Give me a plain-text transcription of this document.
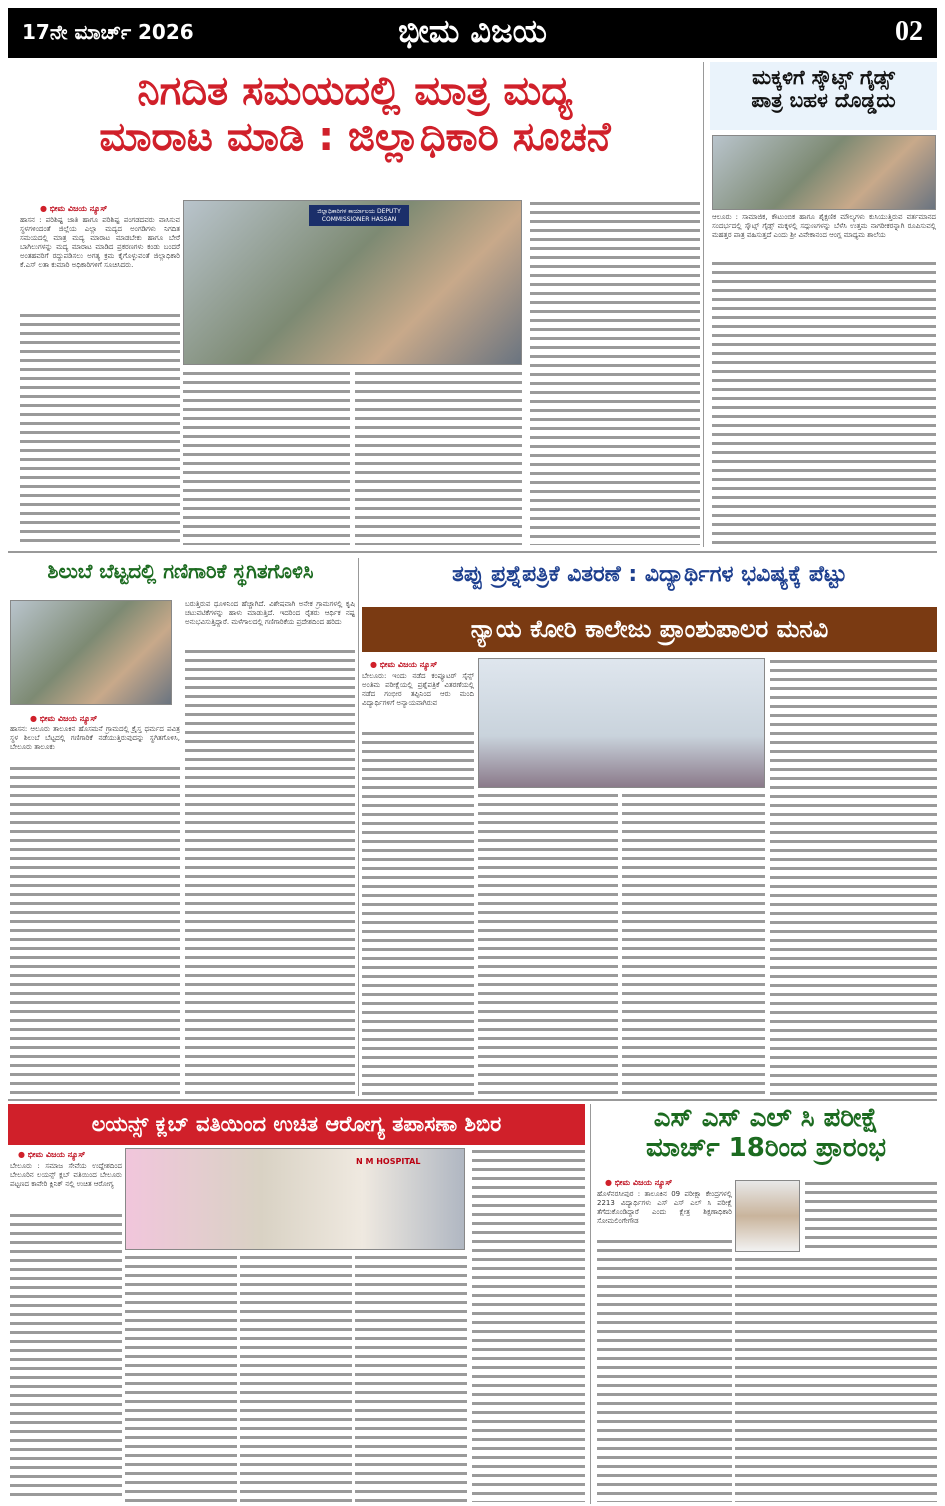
17ನೇ ಮಾರ್ಚ್ 2026	ಭೀಮ ವಿಜಯ	02
ನಿಗದಿತ ಸಮಯದಲ್ಲಿ ಮಾತ್ರ ಮದ್ಯ
ಮಾರಾಟ ಮಾಡಿ : ಜಿಲ್ಲಾಧಿಕಾರಿ ಸೂಚನೆ
● ಭೀಮ ವಿಜಯ ನ್ಯೂಸ್
ಹಾಸನ : ಪರಿಶಿಷ್ಟ ಜಾತಿ ಹಾಗೂ ಪರಿಶಿಷ್ಟ ಪಂಗಡದವರು ವಾಸಿಸುವ ಸ್ಥಳಗಳಿಂದಂತೆ ಜಿಲ್ಲೆಯ ಎಲ್ಲಾ ಮದ್ಯದ ಅಂಗಡಿಗಳು ನಿಗದಿತ ಸಮಯದಲ್ಲಿ ಮಾತ್ರ ಮದ್ಯ ಮಾರಾಟ ಮಾಡಬೇಕು ಹಾಗೂ ಬೇರೆ ಬಾಗಿಲುಗಳನ್ನು ಮದ್ಯ ಮಾರಾಟ ಮಾಡಿದ ಪ್ರಕರಣಗಳು ಕಂಡು ಬಂದರೆ ಅಂತಹವರಿಗೆ ರದ್ದುಪಡಿಸಲು ಅಗತ್ಯ ಕ್ರಮ ಕೈಗೊಳ್ಳುವಂತೆ ಜಿಲ್ಲಾಧಿಕಾರಿ ಕೆ.ಎಸ್ ಲತಾ ಕುಮಾರಿ ಅಧಿಕಾರಿಗಳಿಗೆ ಸೂಚಿಸಿದರು.
ಜಿಲ್ಲಾಧಿಕಾರಿಗಳ ಕಾರ್ಯಾಲಯ DEPUTY COMMISSIONER HASSAN
ಮಕ್ಕಳಿಗೆ ಸ್ಕೌಟ್ಸ್ ಗೈಡ್ಸ್
ಪಾತ್ರ ಬಹಳ ದೊಡ್ಡದು
ಆಲೂರು : ಸಾಮಾಜಿಕ, ಕೌಟುಂಬಿಕ ಹಾಗೂ ಶೈಕ್ಷಣಿಕ ಮೌಲ್ಯಗಳು ಕುಸಿಯುತ್ತಿರುವ ವರ್ತಮಾನದ ಸಂದರ್ಭದಲ್ಲಿ ಸ್ಕೌಟ್ಸ್ ಗೈಡ್ಸ್ ಮಕ್ಕಳಲ್ಲಿ ಸದ್ಗುಣಗಳನ್ನು ಬೆಳೆಸಿ ಉತ್ತಮ ನಾಗರೀಕರನ್ನಾಗಿ ರೂಪಿಸುವಲ್ಲಿ ಮಹತ್ತರ ಪಾತ್ರ ವಹಿಸುತ್ತದೆ ಎಂದು ಶ್ರೀ ವಿವೇಕಾನಂದ ಆಂಗ್ಲ ಮಾಧ್ಯಮ ಶಾಲೆಯ
ಶಿಲುಬೆ ಬೆಟ್ಟದಲ್ಲಿ ಗಣಿಗಾರಿಕೆ ಸ್ಥಗಿತಗೊಳಿಸಿ
● ಭೀಮ ವಿಜಯ ನ್ಯೂಸ್
ಹಾಸನ: ಆಲೂರು ತಾಲೂಕಿನ ಹೊಸಮನೆ ಗ್ರಾಮದಲ್ಲಿ ಕ್ರೈಸ್ತ ಧರ್ಮದ ಪವಿತ್ರ ಸ್ಥಳ ಶಿಲುಬೆ ಬೆಟ್ಟದಲ್ಲಿ ಗಣಿಗಾರಿಕೆ ನಡೆಯುತ್ತಿರುವುದನ್ನು ಸ್ಥಗಿತಗೊಳಿಸಿ, ಬೇಲೂರು ತಾಲೂಕು
ಬರುತ್ತಿರುವ ಧೂಳಿನಿಂದ ಹೆಚ್ಚಾಗಿದೆ. ವಿಶೇಷವಾಗಿ ಅನೇಕ ಗ್ರಾಮಗಳಲ್ಲಿ ಕೃಷಿ ಚಟುವಟಿಕೆಗಳನ್ನು ಹಾಳು ಮಾಡುತ್ತಿದೆ. ಇದರಿಂದ ರೈತರು ಆರ್ಥಿಕ ನಷ್ಟ ಅನುಭವಿಸುತ್ತಿದ್ದಾರೆ. ಮಳೆಗಾಲದಲ್ಲಿ ಗಣಿಗಾರಿಕೆಯ ಪ್ರದೇಶದಿಂದ ಹರಿದು
ತಪ್ಪು ಪ್ರಶ್ನೆಪತ್ರಿಕೆ ವಿತರಣೆ : ವಿದ್ಯಾರ್ಥಿಗಳ ಭವಿಷ್ಯಕ್ಕೆ ಪೆಟ್ಟು
ನ್ಯಾಯ ಕೋರಿ ಕಾಲೇಜು ಪ್ರಾಂಶುಪಾಲರ ಮನವಿ
● ಭೀಮ ವಿಜಯ ನ್ಯೂಸ್
ಬೇಲೂರು: ಇಂದು ನಡೆದ ಕಂಪ್ಯೂಟರ್ ಸೈನ್ಸ್ ಅಂತಿಮ ಪರೀಕ್ಷೆಯಲ್ಲಿ ಪ್ರಶ್ನೆಪತ್ರಿಕೆ ವಿತರಣೆಯಲ್ಲಿ ನಡೆದ ಗಂಭೀರ ತಪ್ಪಿನಿಂದ ಆರು ಮಂದಿ ವಿದ್ಯಾರ್ಥಿಗಳಿಗೆ ಅನ್ಯಾಯವಾಗಿರುವ
ಲಯನ್ಸ್ ಕ್ಲಬ್ ವತಿಯಿಂದ ಉಚಿತ ಆರೋಗ್ಯ ತಪಾಸಣಾ ಶಿಬಿರ
● ಭೀಮ ವಿಜಯ ನ್ಯೂಸ್
ಬೇಲೂರು : ಸಮಾಜ ಸೇವೆಯ ಉದ್ದೇಶದಿಂದ ಬೇಲೂರಿನ ಲಯನ್ಸ್ ಕ್ಲಬ್ ವತಿಯಿಂದ ಬೇಲೂರು ಪಟ್ಟಣದ ಕಾವೇರಿ ಕ್ಲಿನಿಕ್ ನಲ್ಲಿ ಉಚಿತ ಆರೋಗ್ಯ
N M HOSPITAL
ಎಸ್ ಎಸ್ ಎಲ್ ಸಿ ಪರೀಕ್ಷೆ
ಮಾರ್ಚ್ 18ರಿಂದ ಪ್ರಾರಂಭ
● ಭೀಮ ವಿಜಯ ನ್ಯೂಸ್
ಹೊಳೆನರಸೀಪುರ : ತಾಲೂಕಿನ 09 ಪರೀಕ್ಷಾ ಕೇಂದ್ರಗಳಲ್ಲಿ 2213 ವಿದ್ಯಾರ್ಥಿಗಳು ಎಸ್ ಎಸ್ ಎಲ್ ಸಿ ಪರೀಕ್ಷೆ ತೆಗೆದುಕೊಂಡಿದ್ದಾರೆ ಎಂದು ಕ್ಷೇತ್ರ ಶಿಕ್ಷಣಾಧಿಕಾರಿ ಸೋಮಲಿಂಗೇಗೌಡ
